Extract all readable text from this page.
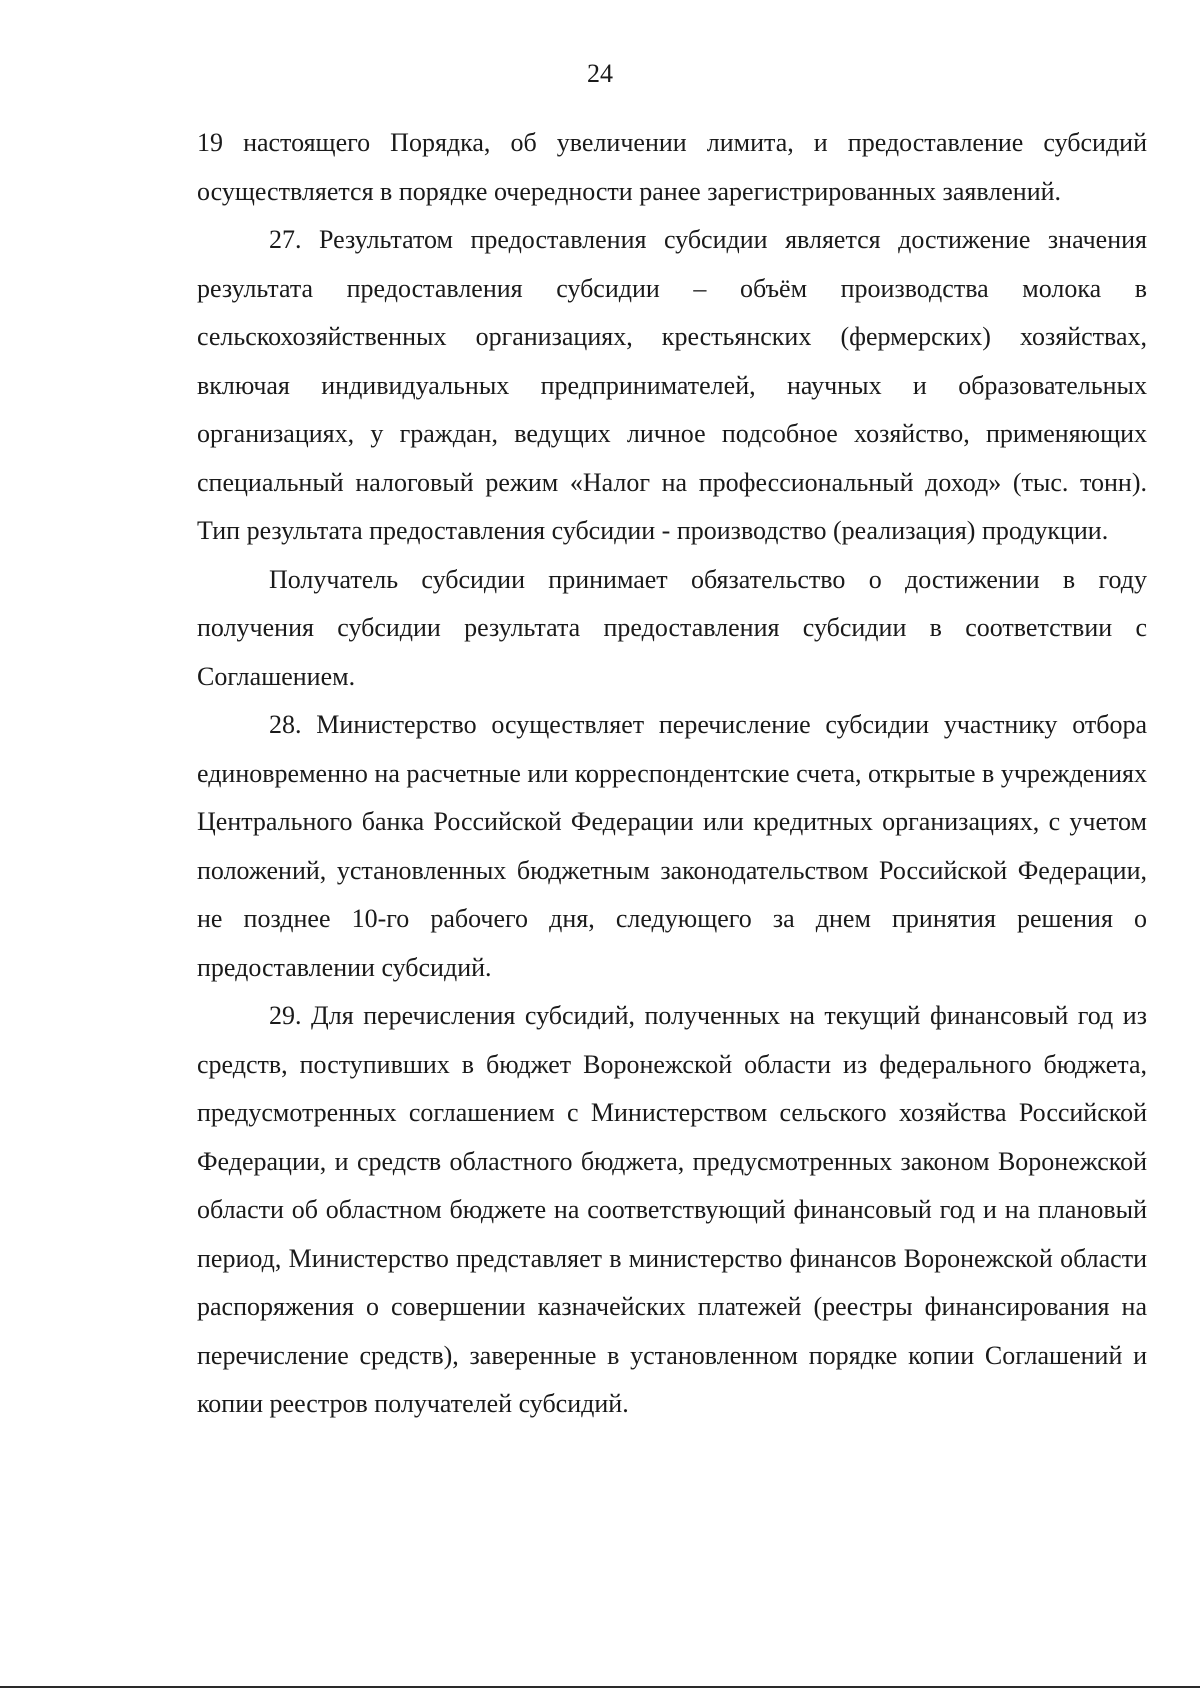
24

19 настоящего Порядка, об увеличении лимита, и предоставление субсидий осуществляется в порядке очередности ранее зарегистрированных заявлений.

27. Результатом предоставления субсидии является достижение значения результата предоставления субсидии – объём производства молока в сельскохозяйственных организациях, крестьянских (фермерских) хозяйствах, включая индивидуальных предпринимателей, научных и образовательных организациях, у граждан, ведущих личное подсобное хозяйство, применяющих специальный налоговый режим «Налог на профессиональный доход» (тыс. тонн). Тип результата предоставления субсидии - производство (реализация) продукции.

Получатель субсидии принимает обязательство о достижении в году получения субсидии результата предоставления субсидии в соответствии с Соглашением.

28. Министерство осуществляет перечисление субсидии участнику отбора единовременно на расчетные или корреспондентские счета, открытые в учреждениях Центрального банка Российской Федерации или кредитных организациях, с учетом положений, установленных бюджетным законодательством Российской Федерации, не позднее 10-го рабочего дня, следующего за днем принятия решения о предоставлении субсидий.

29. Для перечисления субсидий, полученных на текущий финансовый год из средств, поступивших в бюджет Воронежской области из федерального бюджета, предусмотренных соглашением с Министерством сельского хозяйства Российской Федерации, и средств областного бюджета, предусмотренных законом Воронежской области об областном бюджете на соответствующий финансовый год и на плановый период, Министерство представляет в министерство финансов Воронежской области распоряжения о совершении казначейских платежей (реестры финансирования на перечисление средств), заверенные в установленном порядке копии Соглашений и копии реестров получателей субсидий.
